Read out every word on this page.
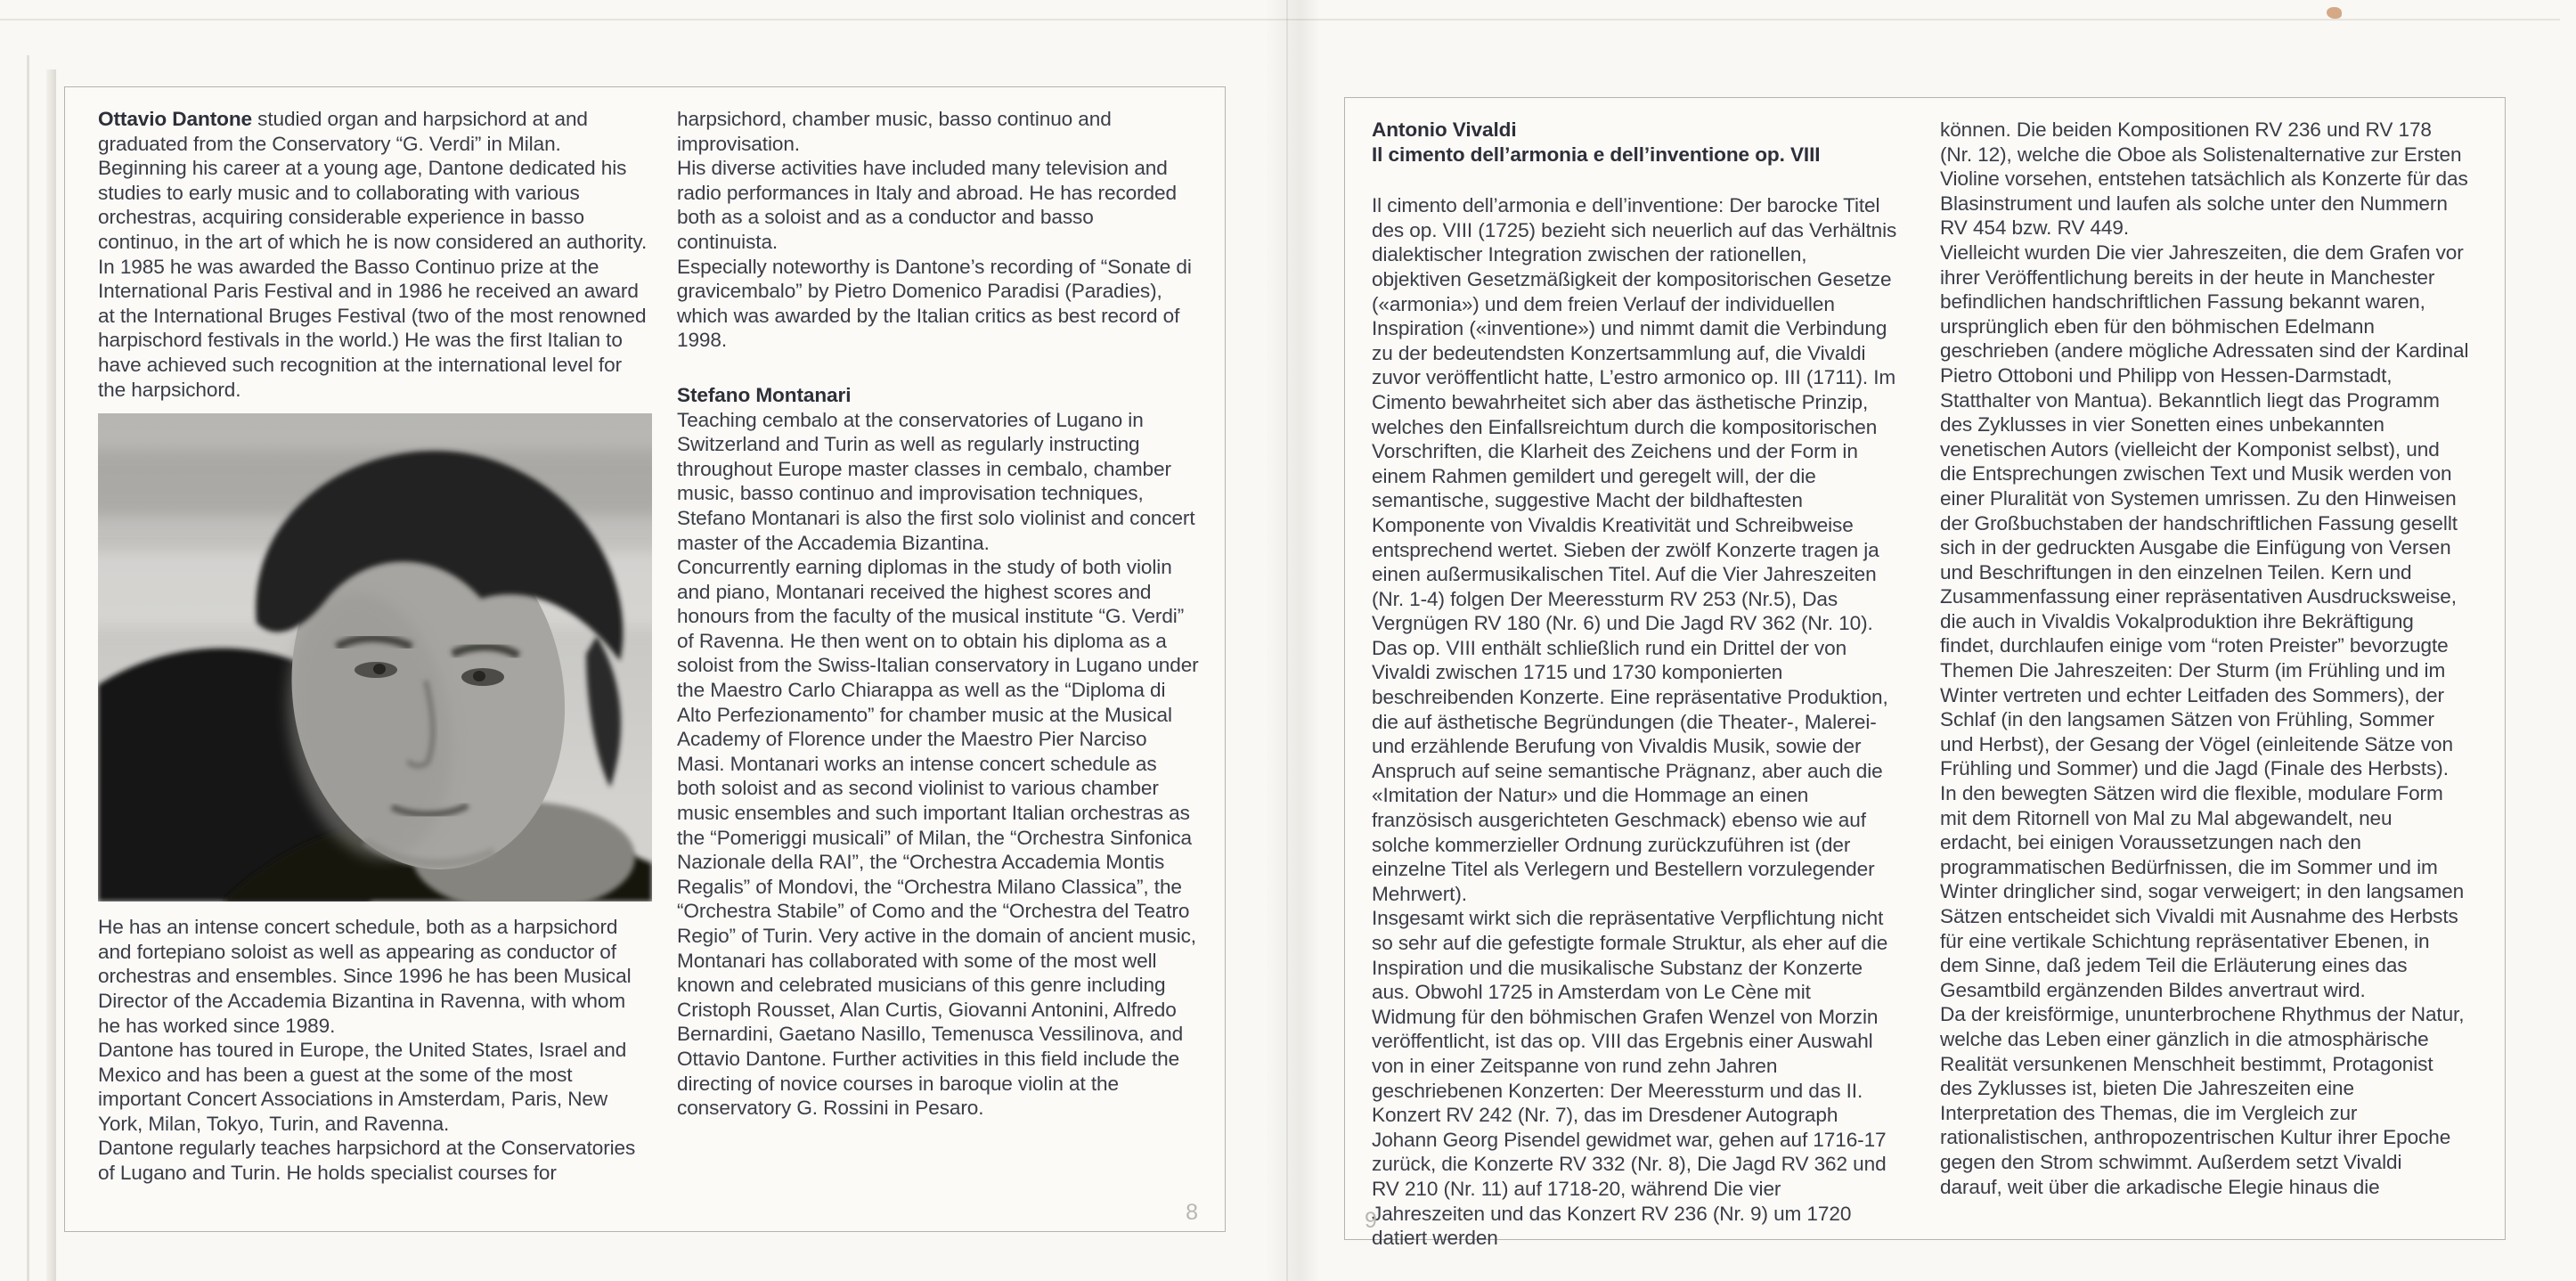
Ottavio Dantone studied organ and harpsichord at and graduated from the Conservatory “G. Verdi” in Milan. Beginning his career at a young age, Dantone dedicated his studies to early music and to collaborating with various orchestras, acquiring considerable experience in basso continuo, in the art of which he is now considered an authority.

In 1985 he was awarded the Basso Continuo prize at the International Paris Festival and in 1986 he received an award at the International Bruges Festival (two of the most renowned harpischord festivals in the world.) He was the first Italian to have achieved such recognition at the international level for the harpsichord.

He has an intense concert schedule, both as a harpsichord and fortepiano soloist as well as appearing as conductor of orchestras and ensembles. Since 1996 he has been Musical Director of the Accademia Bizantina in Ravenna, with whom he has worked since 1989.

Dantone has toured in Europe, the United States, Israel and Mexico and has been a guest at the some of the most important Concert Associations in Amsterdam, Paris, New York, Milan, Tokyo, Turin, and Ravenna.

Dantone regularly teaches harpsichord at the Conservatories of Lugano and Turin. He holds specialist courses for

harpsichord, chamber music, basso continuo and improvisation.

His diverse activities have included many television and radio performances in Italy and abroad. He has recorded both as a soloist and as a conductor and basso continuista.

Especially noteworthy is Dantone’s recording of “Sonate di gravicembalo” by Pietro Domenico Paradisi (Paradies), which was awarded by the Italian critics as best record of 1998.

Stefano Montanari

Teaching cembalo at the conservatories of Lugano in Switzerland and Turin as well as regularly instructing throughout Europe master classes in cembalo, chamber music, basso continuo and improvisation techniques, Stefano Montanari is also the first solo violinist and concert master of the Accademia Bizantina.

Concurrently earning diplomas in the study of both violin and piano, Montanari received the highest scores and honours from the faculty of the musical institute “G. Verdi” of Ravenna. He then went on to obtain his diploma as a soloist from the Swiss-Italian conservatory in Lugano under the Maestro Carlo Chiarappa as well as the “Diploma di Alto Perfezionamento” for chamber music at the Musical Academy of Florence under the Maestro Pier Narciso Masi. Montanari works an intense concert schedule as both soloist and as second violinist to various chamber music ensembles and such important Italian orchestras as the “Pomeriggi musicali” of Milan, the “Orchestra Sinfonica Nazionale della RAI”, the “Orchestra Accademia Montis Regalis” of Mondovi, the “Orchestra Milano Classica”, the “Orchestra Stabile” of Como and the “Orchestra del Teatro Regio” of Turin. Very active in the domain of ancient music, Montanari has collaborated with some of the most well known and celebrated musicians of this genre including Cristoph Rousset, Alan Curtis, Giovanni Antonini, Alfredo Bernardini, Gaetano Nasillo, Temenusca Vessilinova, and Ottavio Dantone. Further activities in this field include the directing of novice courses in baroque violin at the conservatory G. Rossini in Pesaro.

8

Antonio Vivaldi

Il cimento dell’armonia e dell’inventione op. VIII

Il cimento dell’armonia e dell’inventione: Der barocke Titel des op. VIII (1725) bezieht sich neuerlich auf das Verhältnis dialektischer Integration zwischen der rationellen, objektiven Gesetzmäßigkeit der kompositorischen Gesetze («armonia») und dem freien Verlauf der individuellen Inspiration («inventione») und nimmt damit die Verbindung zu der bedeutendsten Konzertsammlung auf, die Vivaldi zuvor veröffentlicht hatte, L’estro armonico op. III (1711). Im Cimento bewahrheitet sich aber das ästhetische Prinzip, welches den Einfallsreichtum durch die kompositorischen Vorschriften, die Klarheit des Zeichens und der Form in einem Rahmen gemildert und geregelt will, der die semantische, suggestive Macht der bildhaftesten Komponente von Vivaldis Kreativität und Schreibweise entsprechend wertet. Sieben der zwölf Konzerte tragen ja einen außermusikalischen Titel. Auf die Vier Jahreszeiten (Nr. 1-4) folgen Der Meeressturm RV 253 (Nr.5), Das Vergnügen RV 180 (Nr. 6) und Die Jagd RV 362 (Nr. 10). Das op. VIII enthält schließlich rund ein Drittel der von Vivaldi zwischen 1715 und 1730 komponierten beschreibenden Konzerte. Eine repräsentative Produktion, die auf ästhetische Begründungen (die Theater-, Malerei- und erzählende Berufung von Vivaldis Musik, sowie der Anspruch auf seine semantische Prägnanz, aber auch die «Imitation der Natur» und die Hommage an einen französisch ausgerichteten Geschmack) ebenso wie auf solche kommerzieller Ordnung zurückzuführen ist (der einzelne Titel als Verlegern und Bestellern vorzulegender Mehrwert).

Insgesamt wirkt sich die repräsentative Verpflichtung nicht so sehr auf die gefestigte formale Struktur, als eher auf die Inspiration und die musikalische Substanz der Konzerte aus. Obwohl 1725 in Amsterdam von Le Cène mit Widmung für den böhmischen Grafen Wenzel von Morzin veröffentlicht, ist das op. VIII das Ergebnis einer Auswahl von in einer Zeitspanne von rund zehn Jahren geschriebenen Konzerten: Der Meeressturm und das II. Konzert RV 242 (Nr. 7), das im Dresdener Autograph Johann Georg Pisendel gewidmet war, gehen auf 1716-17 zurück, die Konzerte RV 332 (Nr. 8), Die Jagd RV 362 und RV 210 (Nr. 11) auf 1718-20, während Die vier Jahreszeiten und das Konzert RV 236 (Nr. 9) um 1720 datiert werden

können. Die beiden Kompositionen RV 236 und RV 178 (Nr. 12), welche die Oboe als Solistenalternative zur Ersten Violine vorsehen, entstehen tatsächlich als Konzerte für das Blasinstrument und laufen als solche unter den Nummern RV 454 bzw. RV 449.

Vielleicht wurden Die vier Jahreszeiten, die dem Grafen vor ihrer Veröffentlichung bereits in der heute in Manchester befindlichen handschriftlichen Fassung bekannt waren, ursprünglich eben für den böhmischen Edelmann geschrieben (andere mögliche Adressaten sind der Kardinal Pietro Ottoboni und Philipp von Hessen-Darmstadt, Statthalter von Mantua). Bekanntlich liegt das Programm des Zyklusses in vier Sonetten eines unbekannten venetischen Autors (vielleicht der Komponist selbst), und die Entsprechungen zwischen Text und Musik werden von einer Pluralität von Systemen umrissen. Zu den Hinweisen der Großbuchstaben der handschriftlichen Fassung gesellt sich in der gedruckten Ausgabe die Einfügung von Versen und Beschriftungen in den einzelnen Teilen. Kern und Zusammenfassung einer repräsentativen Ausdrucksweise, die auch in Vivaldis Vokalproduktion ihre Bekräftigung findet, durchlaufen einige vom “roten Preister” bevorzugte Themen Die Jahreszeiten: Der Sturm (im Frühling und im Winter vertreten und echter Leitfaden des Sommers), der Schlaf (in den langsamen Sätzen von Frühling, Sommer und Herbst), der Gesang der Vögel (einleitende Sätze von Frühling und Sommer) und die Jagd (Finale des Herbsts). In den bewegten Sätzen wird die flexible, modulare Form mit dem Ritornell von Mal zu Mal abgewandelt, neu erdacht, bei einigen Voraussetzungen nach den programmatischen Bedürfnissen, die im Sommer und im Winter dringlicher sind, sogar verweigert; in den langsamen Sätzen entscheidet sich Vivaldi mit Ausnahme des Herbsts für eine vertikale Schichtung repräsentativer Ebenen, in dem Sinne, daß jedem Teil die Erläuterung eines das Gesamtbild ergänzenden Bildes anvertraut wird.

Da der kreisförmige, ununterbrochene Rhythmus der Natur, welche das Leben einer gänzlich in die atmosphärische Realität versunkenen Menschheit bestimmt, Protagonist des Zyklusses ist, bieten Die Jahreszeiten eine Interpretation des Themas, die im Vergleich zur rationalistischen, anthropozentrischen Kultur ihrer Epoche gegen den Strom schwimmt. Außerdem setzt Vivaldi darauf, weit über die arkadische Elegie hinaus die

9
